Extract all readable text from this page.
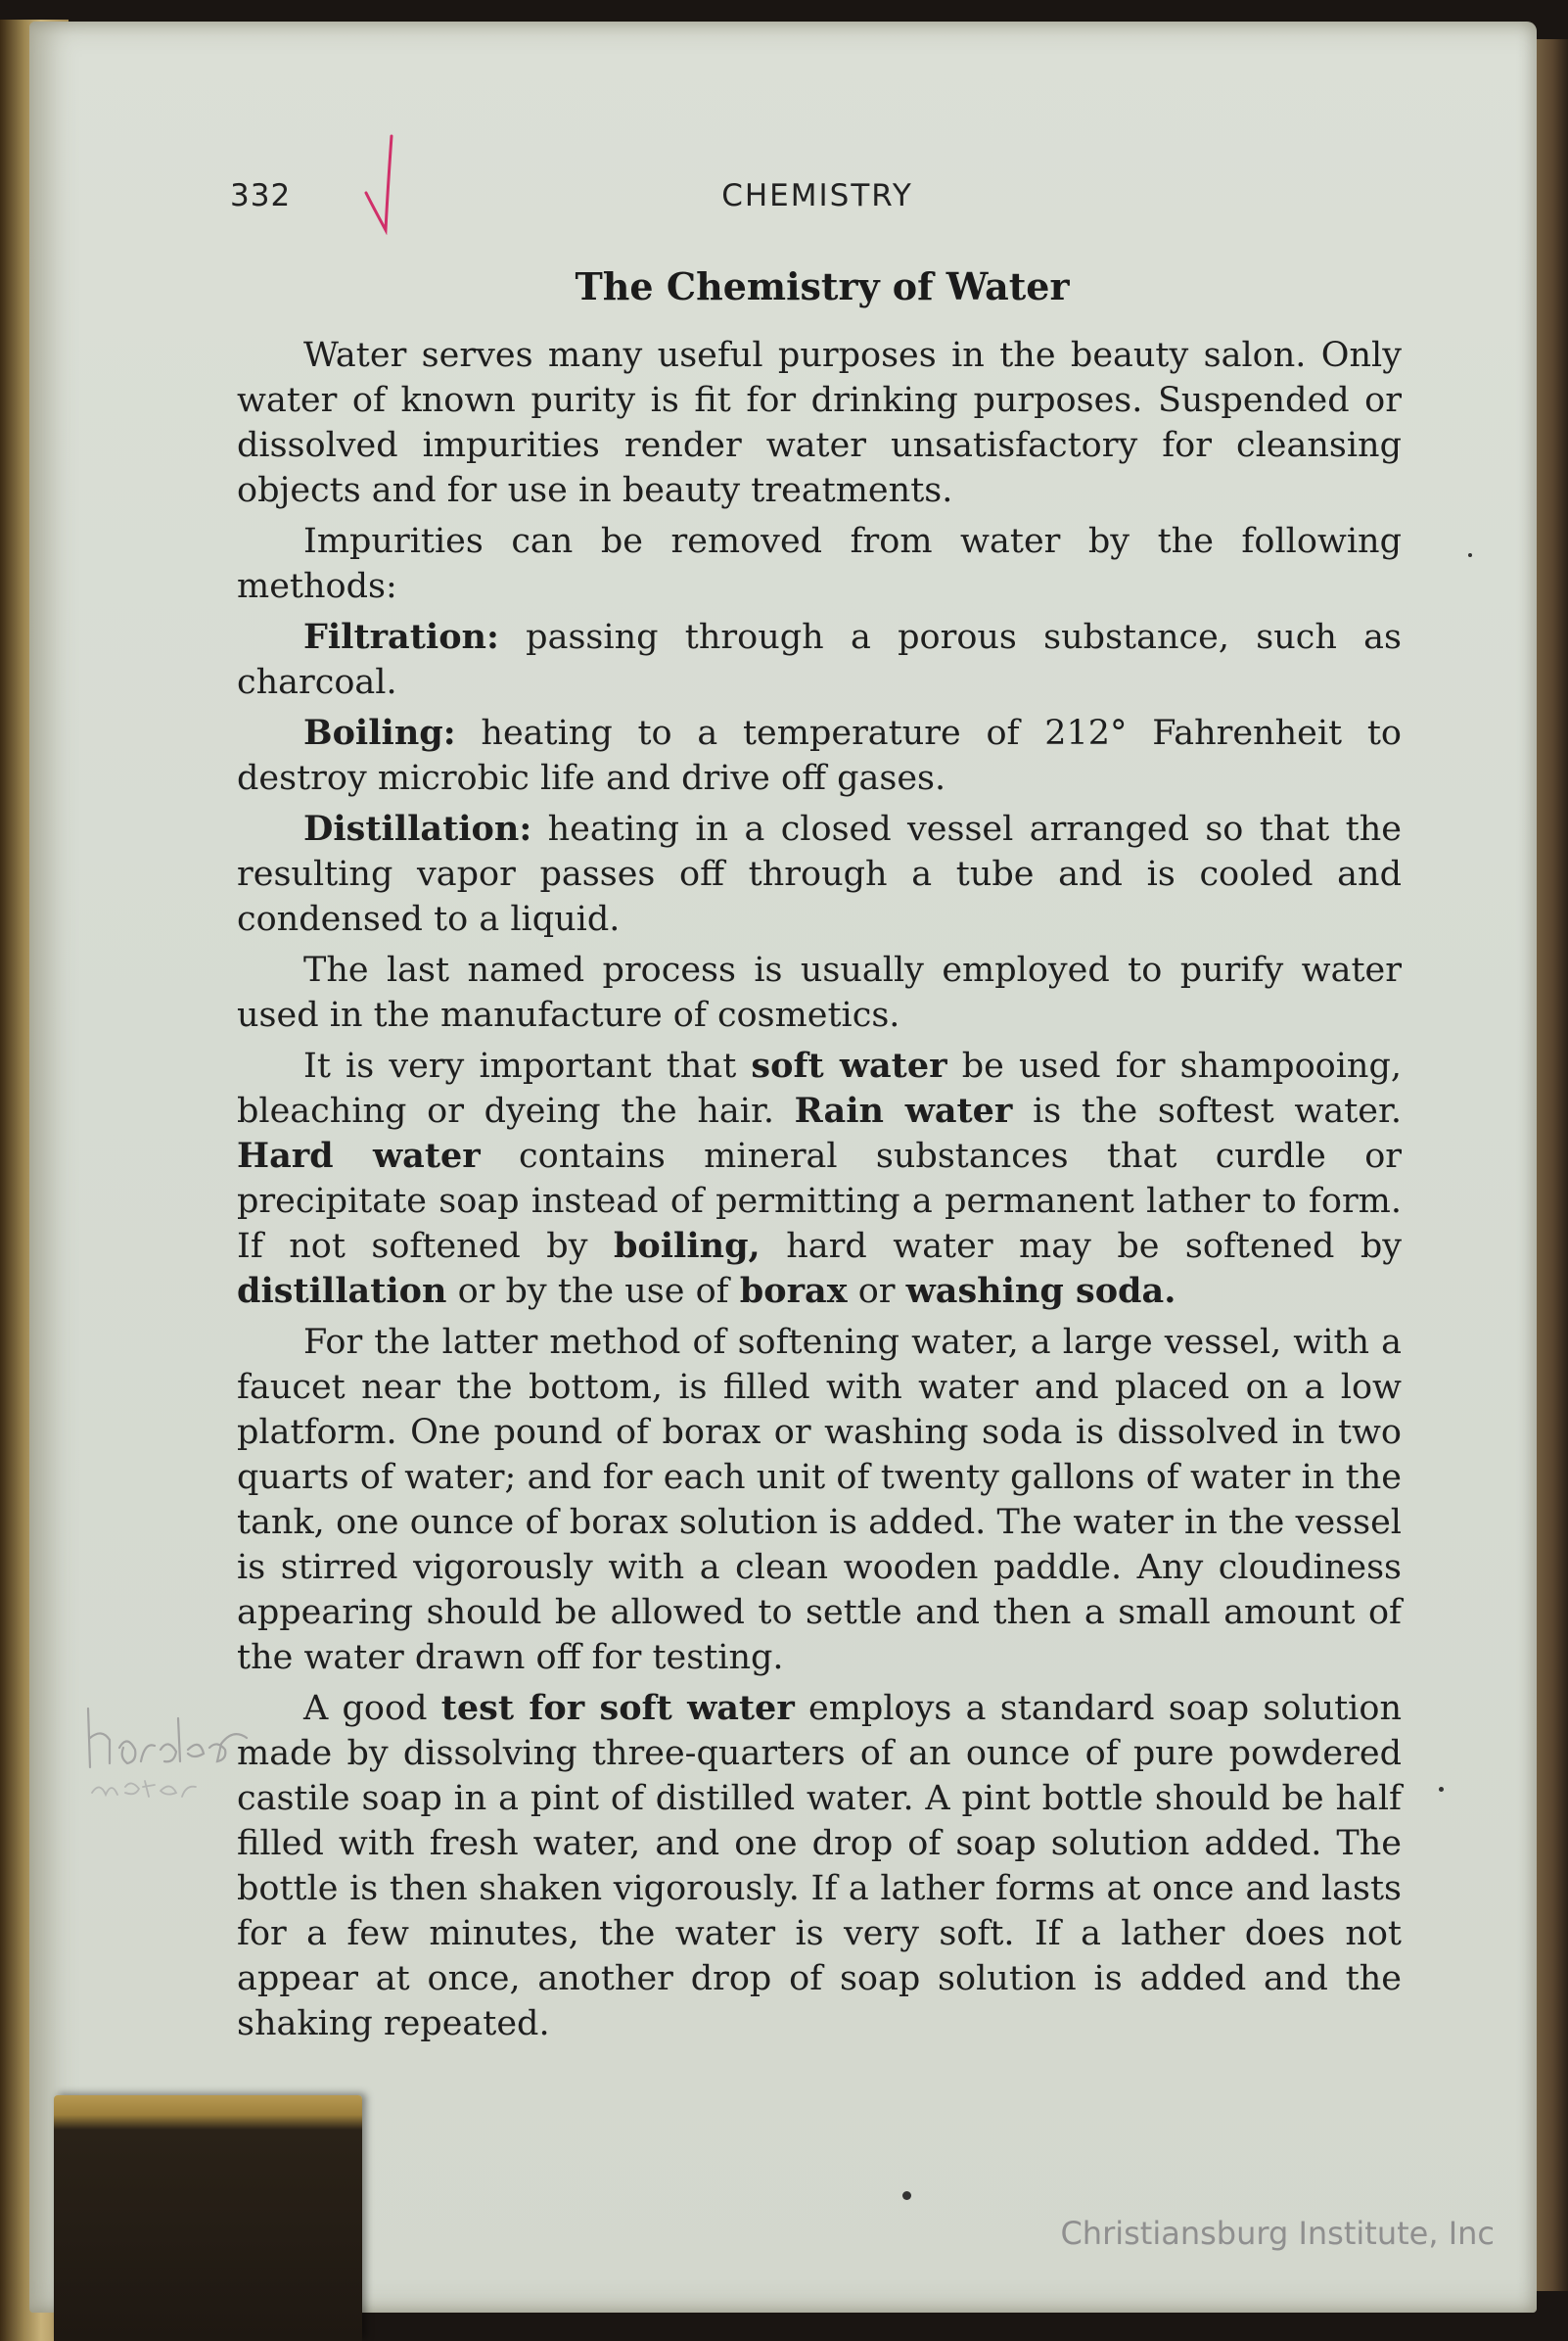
332	CHEMISTRY
The Chemistry of Water

Water serves many useful purposes in the beauty salon. Only water of known purity is fit for drinking purposes. Suspended or dissolved impurities render water unsatisfactory for cleansing objects and for use in beauty treatments.

Impurities can be removed from water by the following methods:

Filtration: passing through a porous substance, such as charcoal.

Boiling: heating to a temperature of 212° Fahrenheit to destroy microbic life and drive off gases.

Distillation: heating in a closed vessel arranged so that the resulting vapor passes off through a tube and is cooled and condensed to a liquid.

The last named process is usually employed to purify water used in the manufacture of cosmetics.

It is very important that soft water be used for shampooing, bleaching or dyeing the hair. Rain water is the softest water. Hard water contains mineral substances that curdle or precipitate soap instead of permitting a permanent lather to form. If not softened by boiling, hard water may be softened by distillation or by the use of borax or washing soda.

For the latter method of softening water, a large vessel, with a faucet near the bottom, is filled with water and placed on a low platform. One pound of borax or washing soda is dissolved in two quarts of water; and for each unit of twenty gallons of water in the tank, one ounce of borax solution is added. The water in the vessel is stirred vigorously with a clean wooden paddle. Any cloudiness appearing should be allowed to settle and then a small amount of the water drawn off for testing.

A good test for soft water employs a standard soap solution made by dissolving three-quarters of an ounce of pure powdered castile soap in a pint of distilled water. A pint bottle should be half filled with fresh water, and one drop of soap solution added. The bottle is then shaken vigorously. If a lather forms at once and lasts for a few minutes, the water is very soft. If a lather does not appear at once, another drop of soap solution is added and the shaking repeated.

Hard water
Christiansburg Institute, Inc
